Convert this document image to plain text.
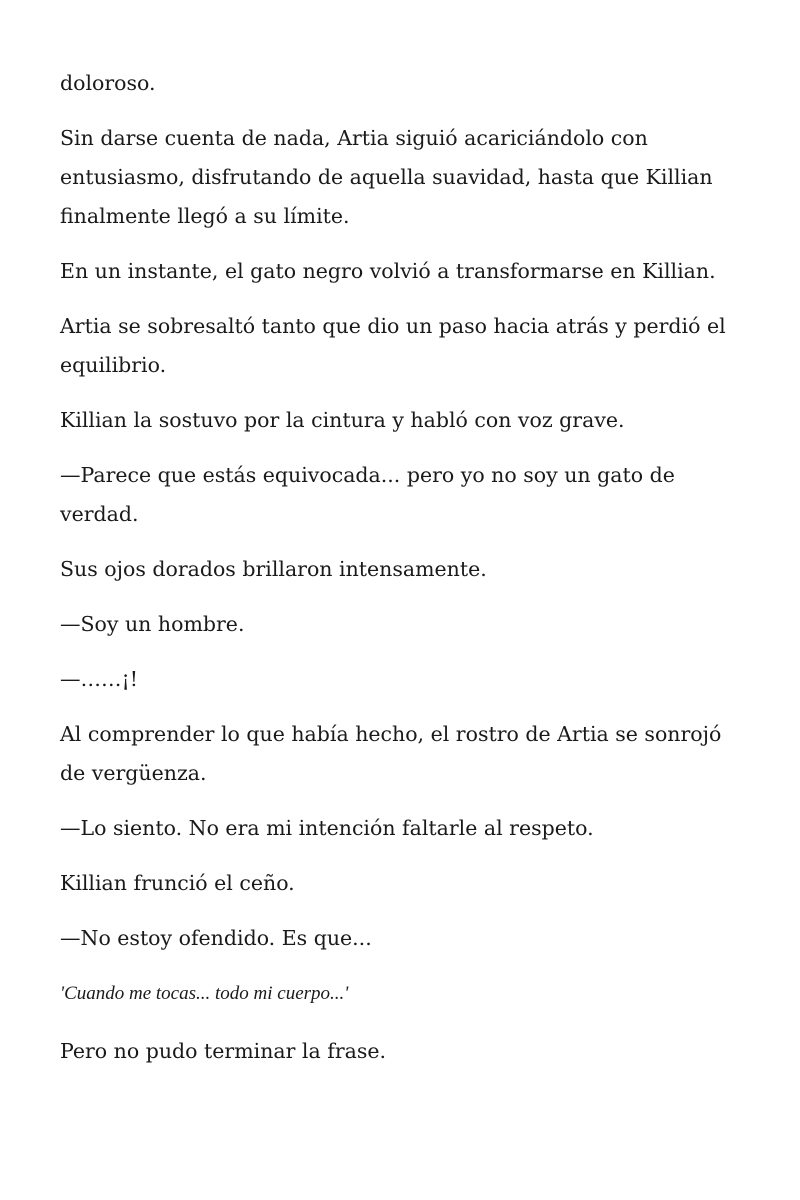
doloroso.

Sin darse cuenta de nada, Artia siguió acariciándolo con entusiasmo, disfrutando de aquella suavidad, hasta que Killian finalmente llegó a su límite.

En un instante, el gato negro volvió a transformarse en Killian.

Artia se sobresaltó tanto que dio un paso hacia atrás y perdió el equilibrio.

Killian la sostuvo por la cintura y habló con voz grave.

—Parece que estás equivocada... pero yo no soy un gato de verdad.

Sus ojos dorados brillaron intensamente.

—Soy un hombre.

—……¡!

Al comprender lo que había hecho, el rostro de Artia se sonrojó de vergüenza.

—Lo siento. No era mi intención faltarle al respeto.

Killian frunció el ceño.

—No estoy ofendido. Es que...

'Cuando me tocas... todo mi cuerpo...'

Pero no pudo terminar la frase.
